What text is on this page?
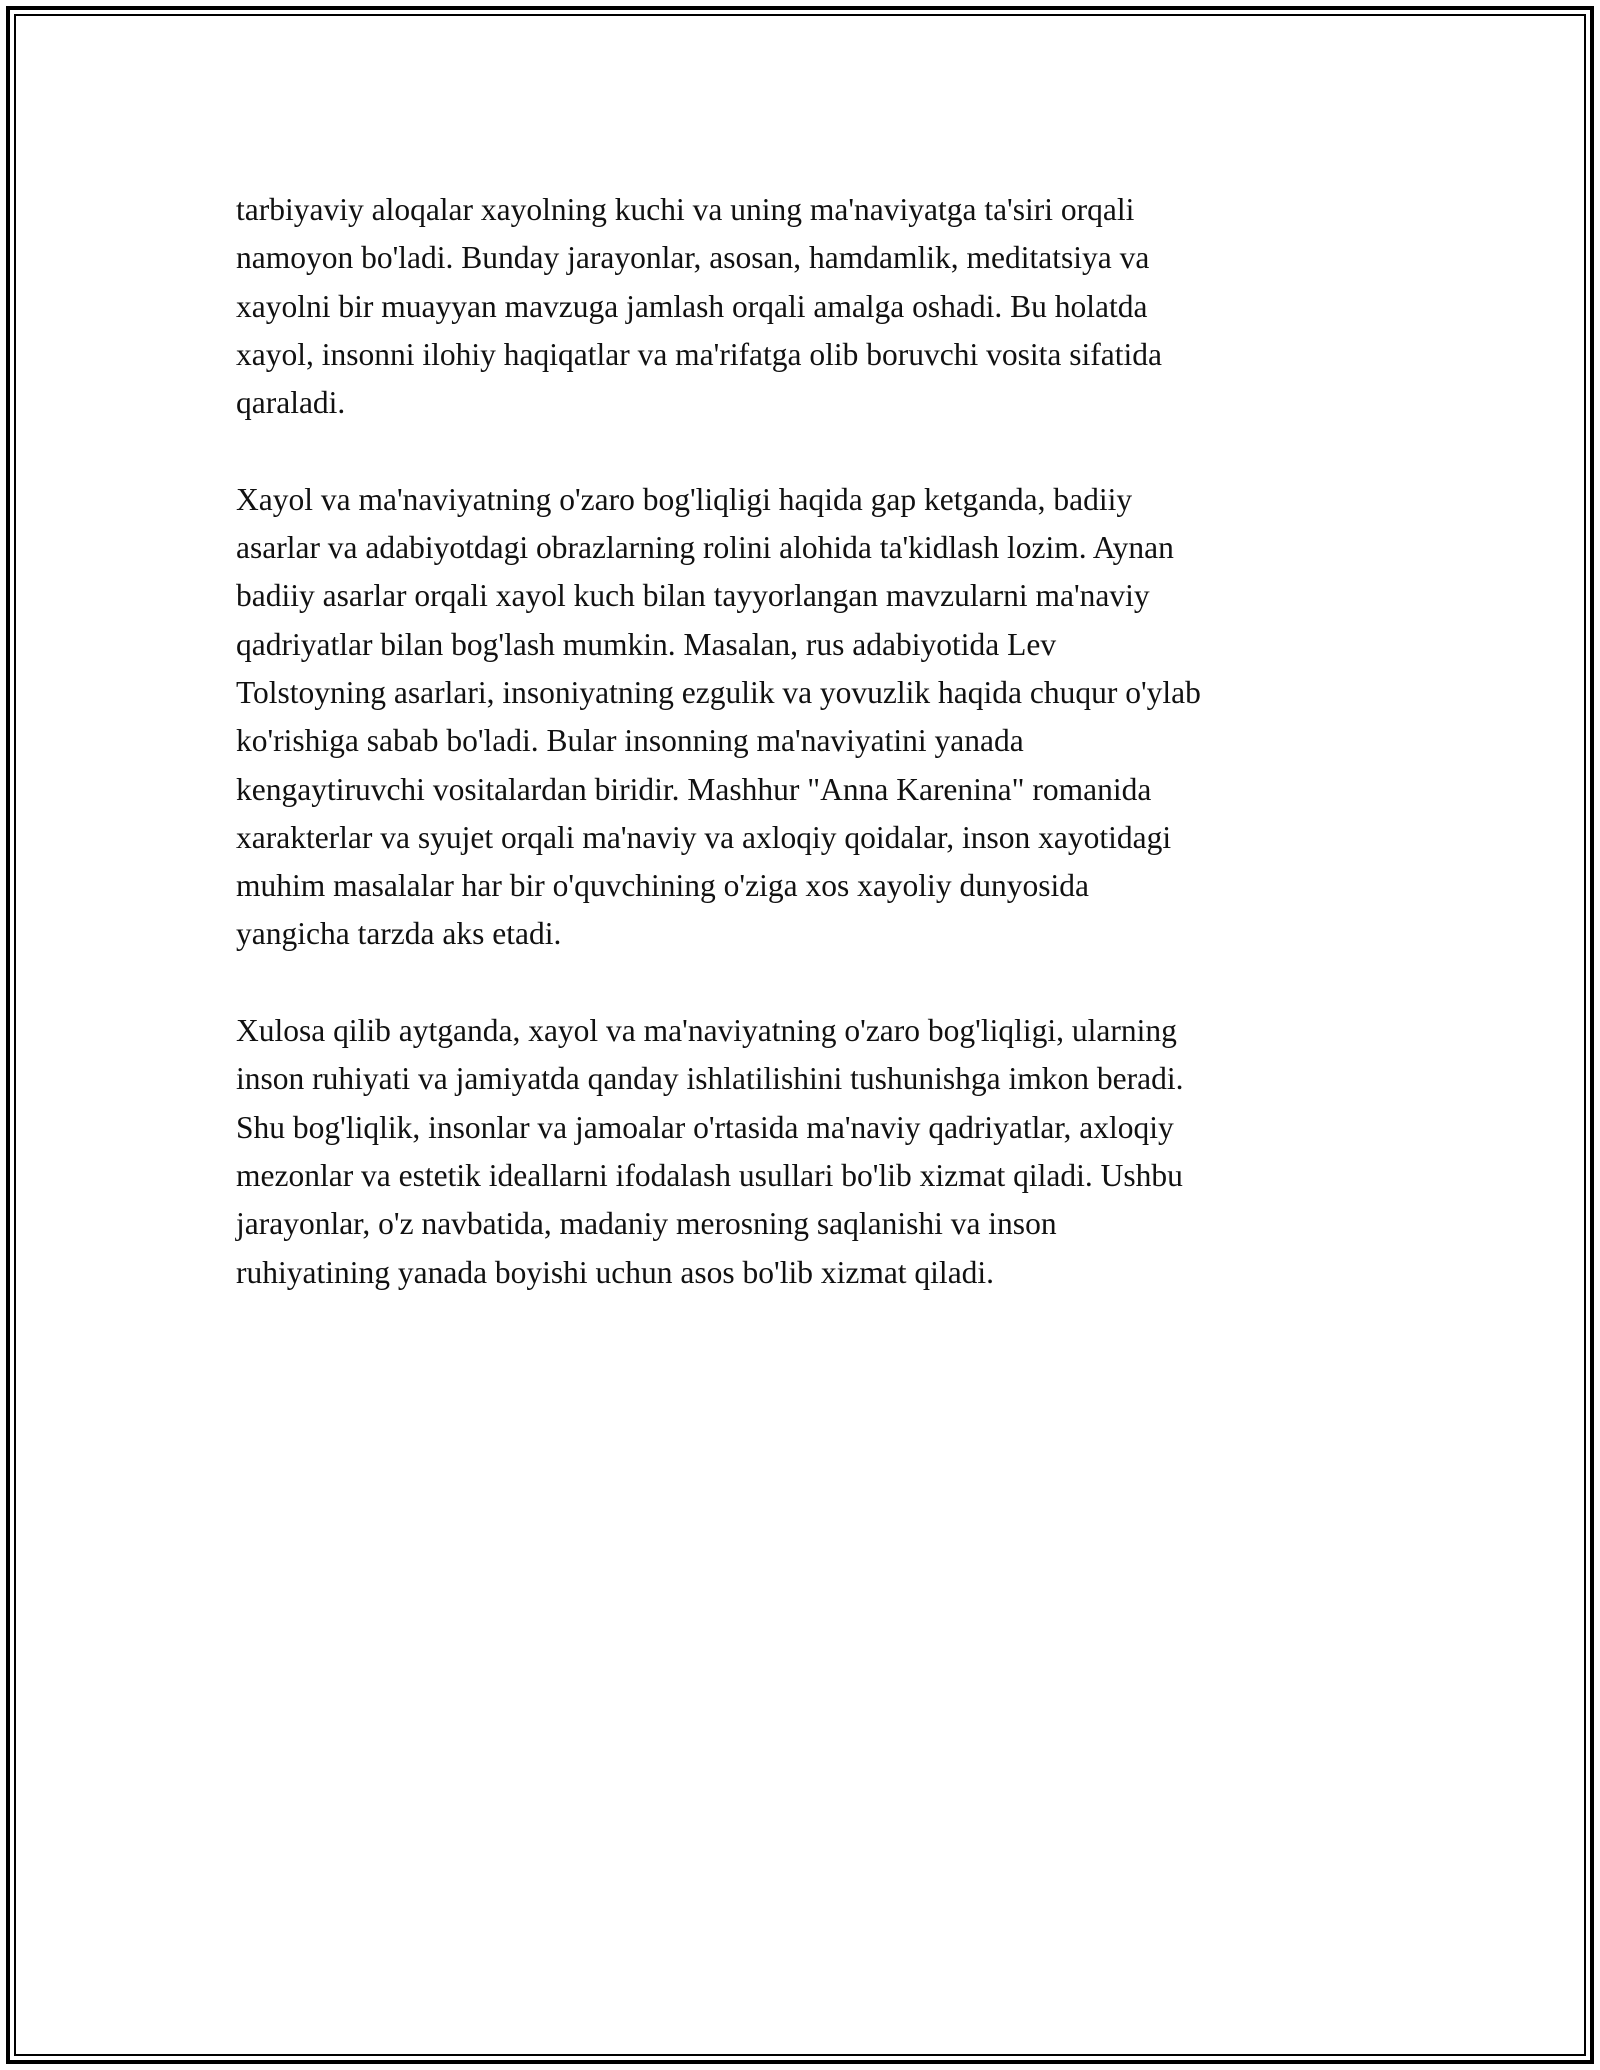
tarbiyaviy aloqalar xayolning kuchi va uning ma'naviyatga ta'siri orqali
namoyon bo'ladi. Bunday jarayonlar, asosan, hamdamlik, meditatsiya va
xayolni bir muayyan mavzuga jamlash orqali amalga oshadi. Bu holatda
xayol, insonni ilohiy haqiqatlar va ma'rifatga olib boruvchi vosita sifatida
qaraladi.

Xayol va ma'naviyatning o'zaro bog'liqligi haqida gap ketganda, badiiy
asarlar va adabiyotdagi obrazlarning rolini alohida ta'kidlash lozim. Aynan
badiiy asarlar orqali xayol kuch bilan tayyorlangan mavzularni ma'naviy
qadriyatlar bilan bog'lash mumkin. Masalan, rus adabiyotida Lev
Tolstoyning asarlari, insoniyatning ezgulik va yovuzlik haqida chuqur o'ylab
ko'rishiga sabab bo'ladi. Bular insonning ma'naviyatini yanada
kengaytiruvchi vositalardan biridir. Mashhur "Anna Karenina" romanida
xarakterlar va syujet orqali ma'naviy va axloqiy qoidalar, inson xayotidagi
muhim masalalar har bir o'quvchining o'ziga xos xayoliy dunyosida
yangicha tarzda aks etadi.

Xulosa qilib aytganda, xayol va ma'naviyatning o'zaro bog'liqligi, ularning
inson ruhiyati va jamiyatda qanday ishlatilishini tushunishga imkon beradi.
Shu bog'liqlik, insonlar va jamoalar o'rtasida ma'naviy qadriyatlar, axloqiy
mezonlar va estetik ideallarni ifodalash usullari bo'lib xizmat qiladi. Ushbu
jarayonlar, o'z navbatida, madaniy merosning saqlanishi va inson
ruhiyatining yanada boyishi uchun asos bo'lib xizmat qiladi.
